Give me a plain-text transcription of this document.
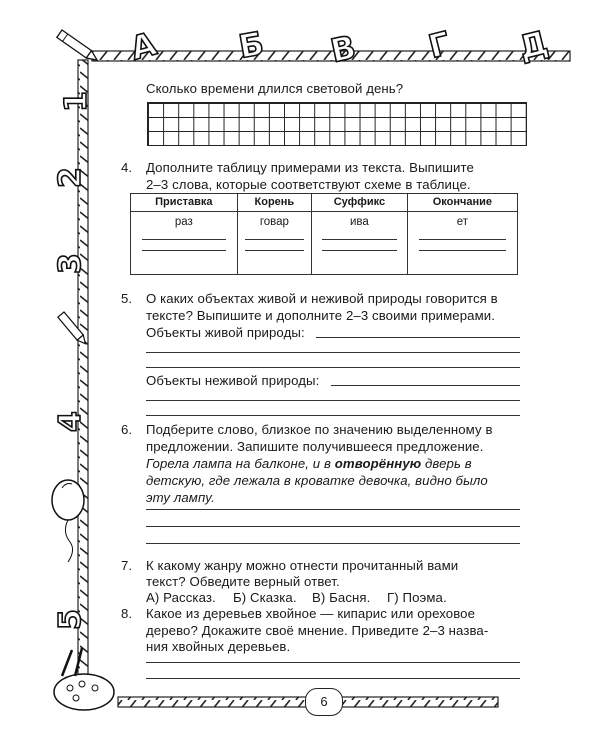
А Б В Г Д
1
2
3
4
5
Сколько времени длился световой день?
4. Дополните таблицу примерами из текста. Выпишите
2–3 слова, которые соответствуют схеме в таблице.
Приставка	Корень	Суффикс	Окончание

раз	говар	ива	ет
5. О каких объектах живой и неживой природы говорится в
тексте? Выпишите и дополните 2–3 своими примерами.
Объекты живой природы:
Объекты неживой природы:
6. Подберите слово, близкое по значению выделенному в
предложении. Запишите получившееся предложение.
Горела лампа на балконе, и в отворённую дверь в
детскую, где лежала в кроватке девочка, видно было
эту лампу.
7. К какому жанру можно отнести прочитанный вами
текст? Обведите верный ответ.
А) Рассказ. Б) Сказка. В) Басня. Г) Поэма.
8. Какое из деревьев хвойное — кипарис или ореховое
дерево? Докажите своё мнение. Приведите 2–3 назва-
ния хвойных деревьев.
6
